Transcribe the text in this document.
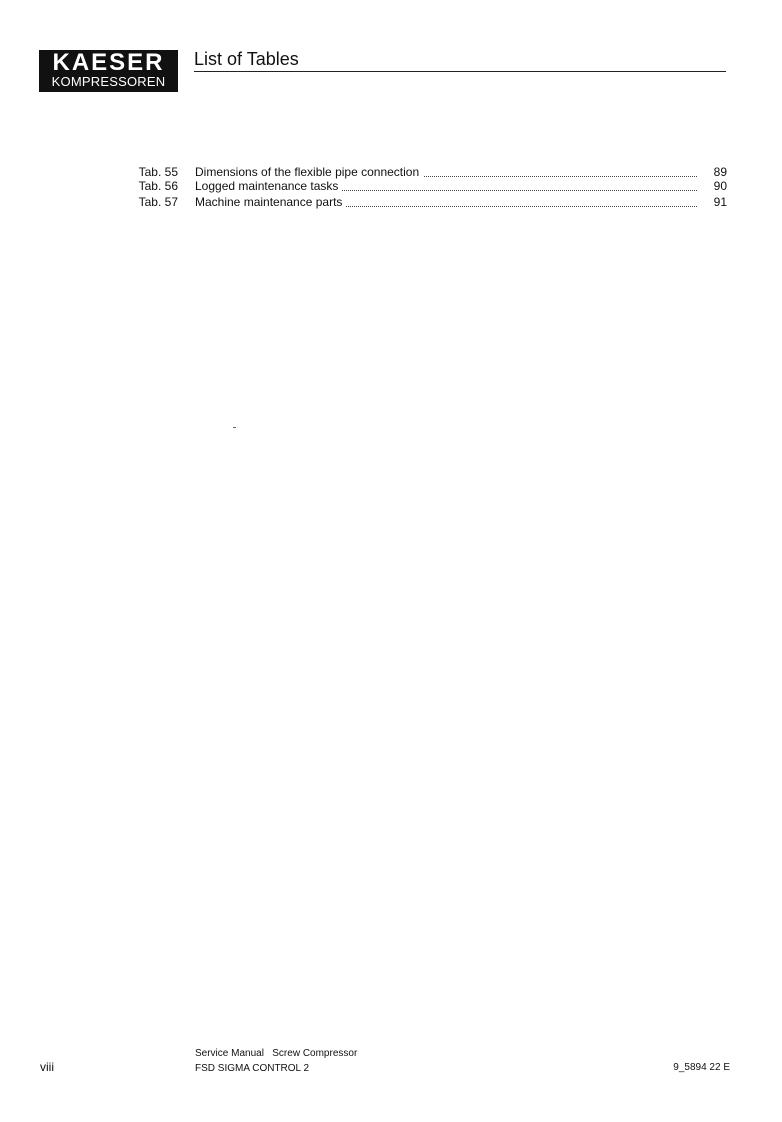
KAESER
KOMPRESSOREN
List of Tables
Tab. 55 Dimensions of the flexible pipe connection	89
Tab. 56 Logged maintenance tasks	90
Tab. 57 Machine maintenance parts	91
viii
Service Manual   Screw Compressor
FSD SIGMA CONTROL 2	9_5894 22 E
